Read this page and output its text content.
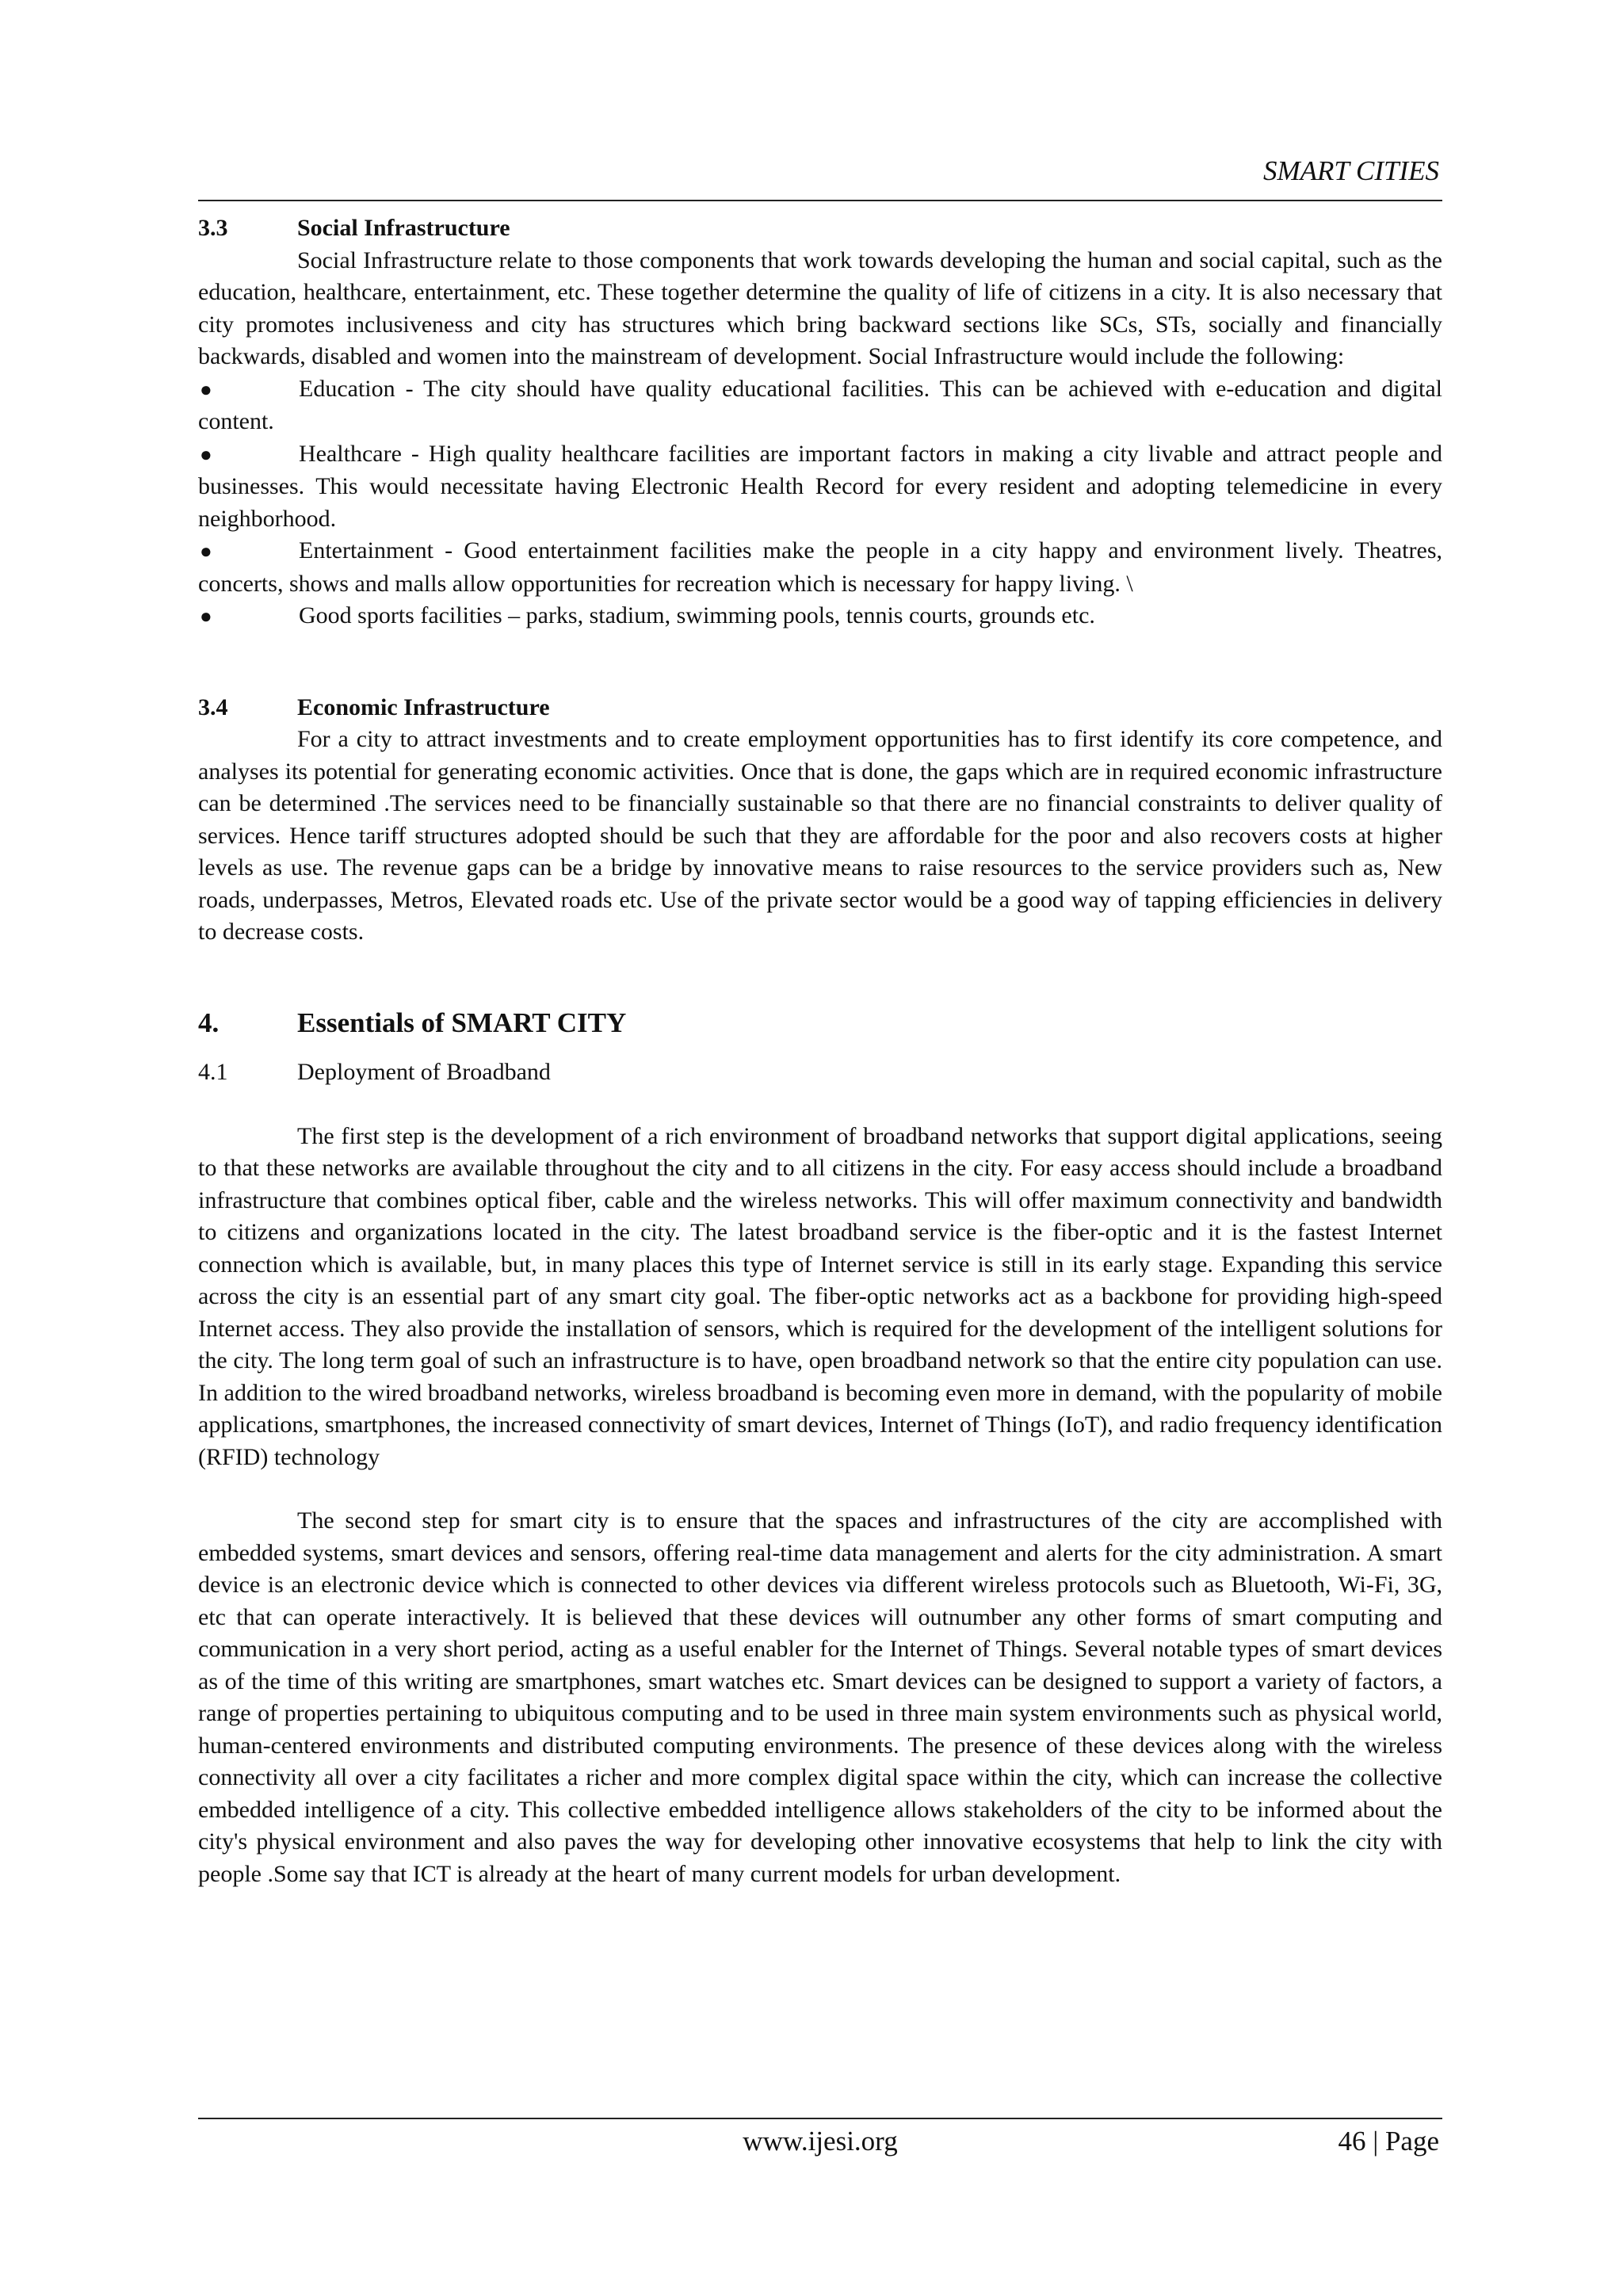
SMART CITIES
3.3	Social Infrastructure

Social Infrastructure relate to those components that work towards developing the human and social capital, such as the education, healthcare, entertainment, etc. These together determine the quality of life of citizens in a city. It is also necessary that city promotes inclusiveness and city has structures which bring backward sections like SCs, STs, socially and financially backwards, disabled and women into the mainstream of development. Social Infrastructure would include the following:

●	Education - The city should have quality educational facilities. This can be achieved with e-education and digital content.
●	Healthcare - High quality healthcare facilities are important factors in making a city livable and attract people and businesses. This would necessitate having Electronic Health Record for every resident and adopting telemedicine in every neighborhood.
●	Entertainment - Good entertainment facilities make the people in a city happy and environment lively. Theatres, concerts, shows and malls allow opportunities for recreation which is necessary for happy living. \
●	Good sports facilities – parks, stadium, swimming pools, tennis courts, grounds etc.
3.4	Economic Infrastructure

For a city to attract investments and to create employment opportunities has to first identify its core competence, and analyses its potential for generating economic activities. Once that is done, the gaps which are in required economic infrastructure can be determined .The services need to be financially sustainable so that there are no financial constraints to deliver quality of services. Hence tariff structures adopted should be such that they are affordable for the poor and also recovers costs at higher levels as use. The revenue gaps can be a bridge by innovative means to raise resources to the service providers such as, New roads, underpasses, Metros, Elevated roads etc. Use of the private sector would be a good way of tapping efficiencies in delivery to decrease costs.

4.	Essentials of SMART CITY
4.1	Deployment of Broadband

The first step is the development of a rich environment of broadband networks that support digital applications, seeing to that these networks are available throughout the city and to all citizens in the city. For easy access should include a broadband infrastructure that combines optical fiber, cable and the wireless networks. This will offer maximum connectivity and bandwidth to citizens and organizations located in the city. The latest broadband service is the fiber-optic and it is the fastest Internet connection which is available, but, in many places this type of Internet service is still in its early stage. Expanding this service across the city is an essential part of any smart city goal. The fiber-optic networks act as a backbone for providing high-speed Internet access. They also provide the installation of sensors, which is required for the development of the intelligent solutions for the city. The long term goal of such an infrastructure is to have, open broadband network so that the entire city population can use. In addition to the wired broadband networks, wireless broadband is becoming even more in demand, with the popularity of mobile applications, smartphones, the increased connectivity of smart devices, Internet of Things (IoT), and radio frequency identification (RFID) technology

The second step for smart city is to ensure that the spaces and infrastructures of the city are accomplished with embedded systems, smart devices and sensors, offering real-time data management and alerts for the city administration. A smart device is an electronic device which is connected to other devices via different wireless protocols such as Bluetooth, Wi-Fi, 3G, etc that can operate interactively. It is believed that these devices will outnumber any other forms of smart computing and communication in a very short period, acting as a useful enabler for the Internet of Things. Several notable types of smart devices as of the time of this writing are smartphones, smart watches etc. Smart devices can be designed to support a variety of factors, a range of properties pertaining to ubiquitous computing and to be used in three main system environments such as physical world, human-centered environments and distributed computing environments. The presence of these devices along with the wireless connectivity all over a city facilitates a richer and more complex digital space within the city, which can increase the collective embedded intelligence of a city. This collective embedded intelligence allows stakeholders of the city to be informed about the city's physical environment and also paves the way for developing other innovative ecosystems that help to link the city with people .Some say that ICT is already at the heart of many current models for urban development.

www.ijesi.org	46 | Page
